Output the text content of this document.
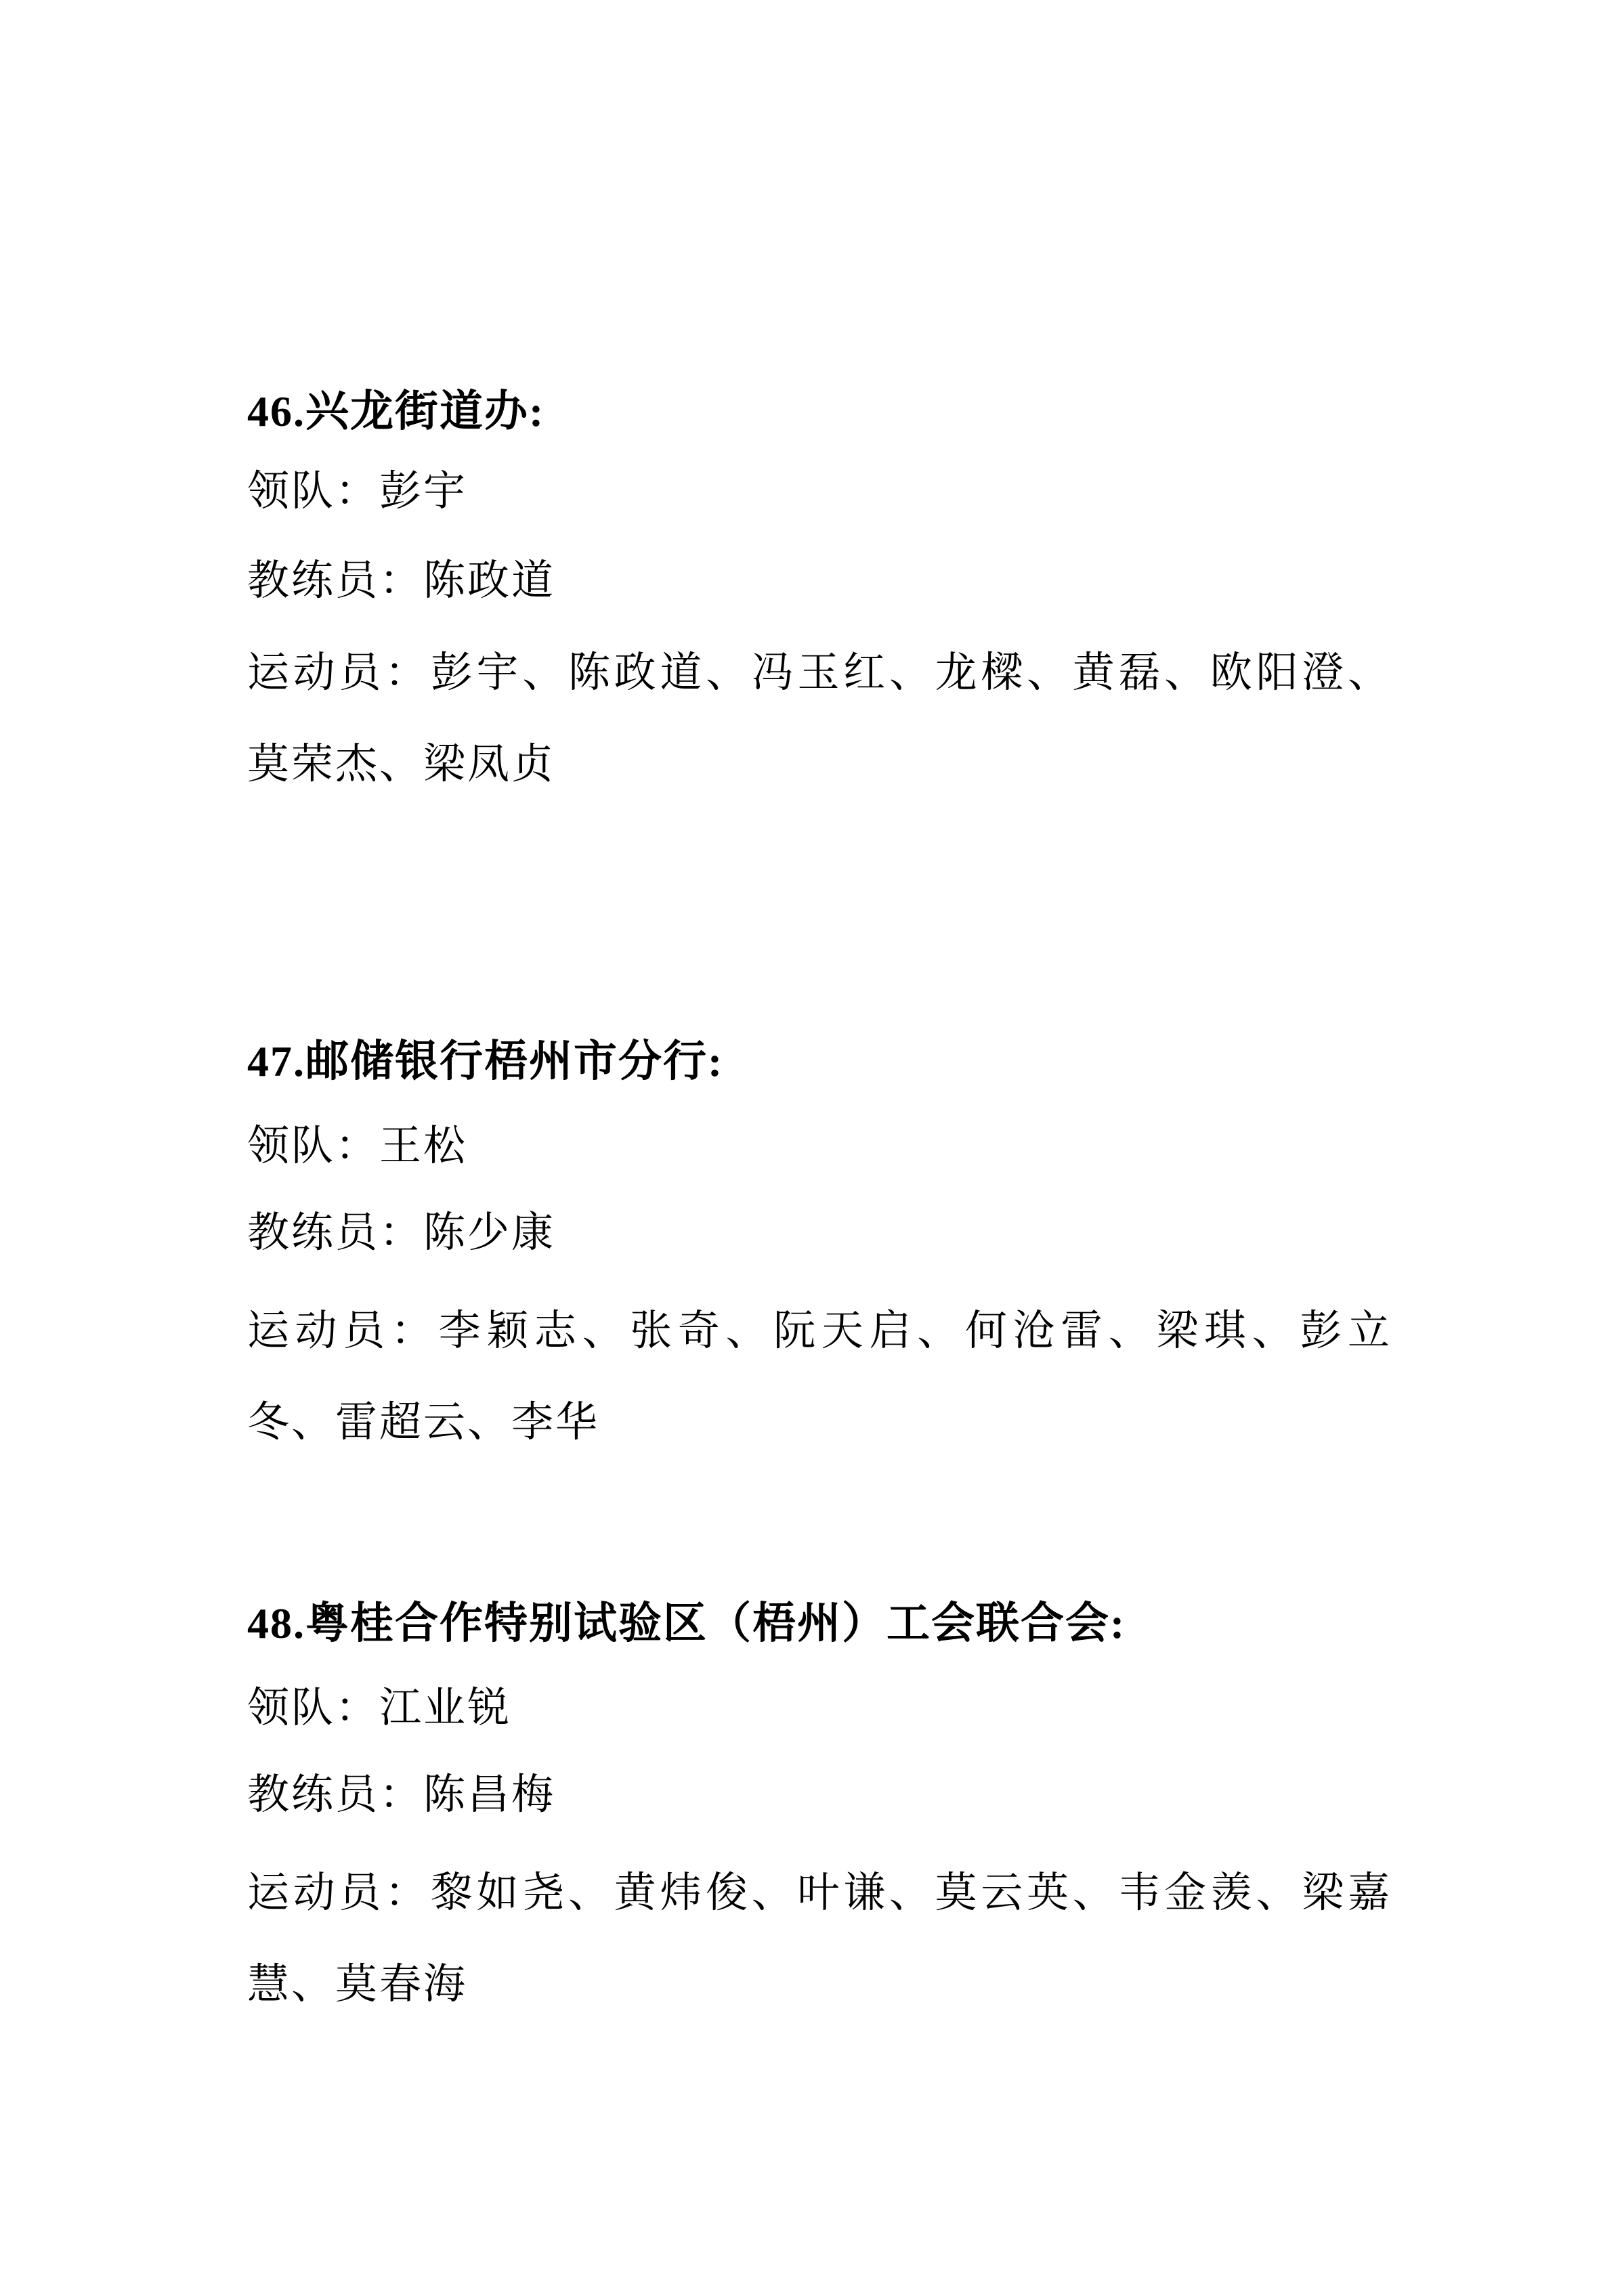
46.兴龙街道办:

领队：彭宇

教练员：陈政道

运动员：彭宇、陈政道、冯玉红、龙樑、黄磊、欧阳澄、莫荣杰、梁凤贞

47.邮储银行梧州市分行:

领队：王松

教练员：陈少康

运动员：李颖志、张奇、阮天启、何沧雷、梁琪、彭立冬、雷超云、李华

48.粤桂合作特别试验区（梧州）工会联合会:

领队：江业锐

教练员：陈昌梅

运动员：黎如尧、黄炜俊、叶谦、莫云英、韦金羡、梁嘉慧、莫春海
